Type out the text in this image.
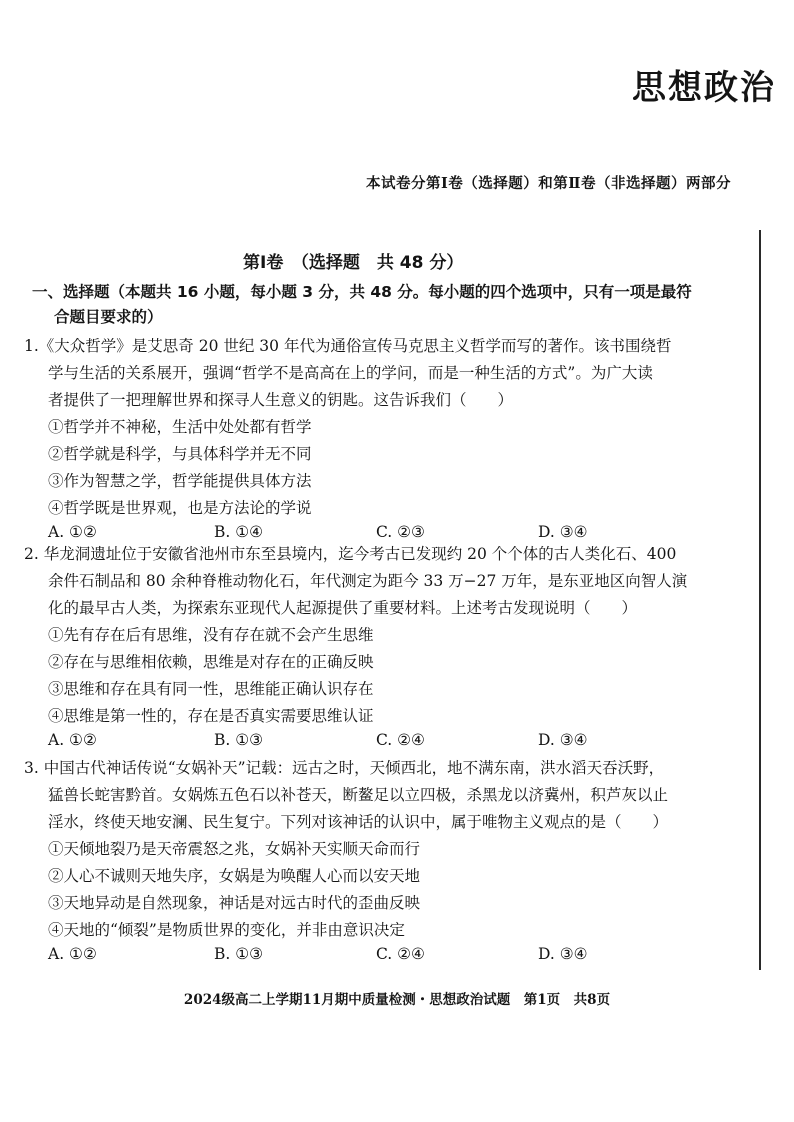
思想政治
本试卷分第Ⅰ卷（选择题）和第Ⅱ卷（非选择题）两部分
第Ⅰ卷　（选择题　共 48 分）
一、选择题（本题共 16 小题，每小题 3 分，共 48 分。每小题的四个选项中，只有一项是最符
合题目要求的）
1.《大众哲学》是艾思奇 20 世纪 30 年代为通俗宣传马克思主义哲学而写的著作。该书围绕哲
学与生活的关系展开，强调“哲学不是高高在上的学问，而是一种生活的方式”。为广大读
者提供了一把理解世界和探寻人生意义的钥匙。这告诉我们（　　）
①哲学并不神秘，生活中处处都有哲学
②哲学就是科学，与具体科学并无不同
③作为智慧之学，哲学能提供具体方法
④哲学既是世界观，也是方法论的学说
A. ①②	B. ①④	C. ②③	D. ③④
2. 华龙洞遗址位于安徽省池州市东至县境内，迄今考古已发现约 20 个个体的古人类化石、400
余件石制品和 80 余种脊椎动物化石，年代测定为距今 33 万−27 万年，是东亚地区向智人演
化的最早古人类，为探索东亚现代人起源提供了重要材料。上述考古发现说明（　　）
①先有存在后有思维，没有存在就不会产生思维
②存在与思维相依赖，思维是对存在的正确反映
③思维和存在具有同一性，思维能正确认识存在
④思维是第一性的，存在是否真实需要思维认证
A. ①②	B. ①③	C. ②④	D. ③④
3. 中国古代神话传说“女娲补天”记载：远古之时，天倾西北，地不满东南，洪水滔天吞沃野，
猛兽长蛇害黔首。女娲炼五色石以补苍天，断鳌足以立四极，杀黑龙以济冀州，积芦灰以止
淫水，终使天地安澜、民生复宁。下列对该神话的认识中，属于唯物主义观点的是（　　）
①天倾地裂乃是天帝震怒之兆，女娲补天实顺天命而行
②人心不诚则天地失序，女娲是为唤醒人心而以安天地
③天地异动是自然现象，神话是对远古时代的歪曲反映
④天地的“倾裂”是物质世界的变化，并非由意识决定
A. ①②	B. ①③	C. ②④	D. ③④
2024级高二上学期11月期中质量检测・思想政治试题　第1页　共8页
